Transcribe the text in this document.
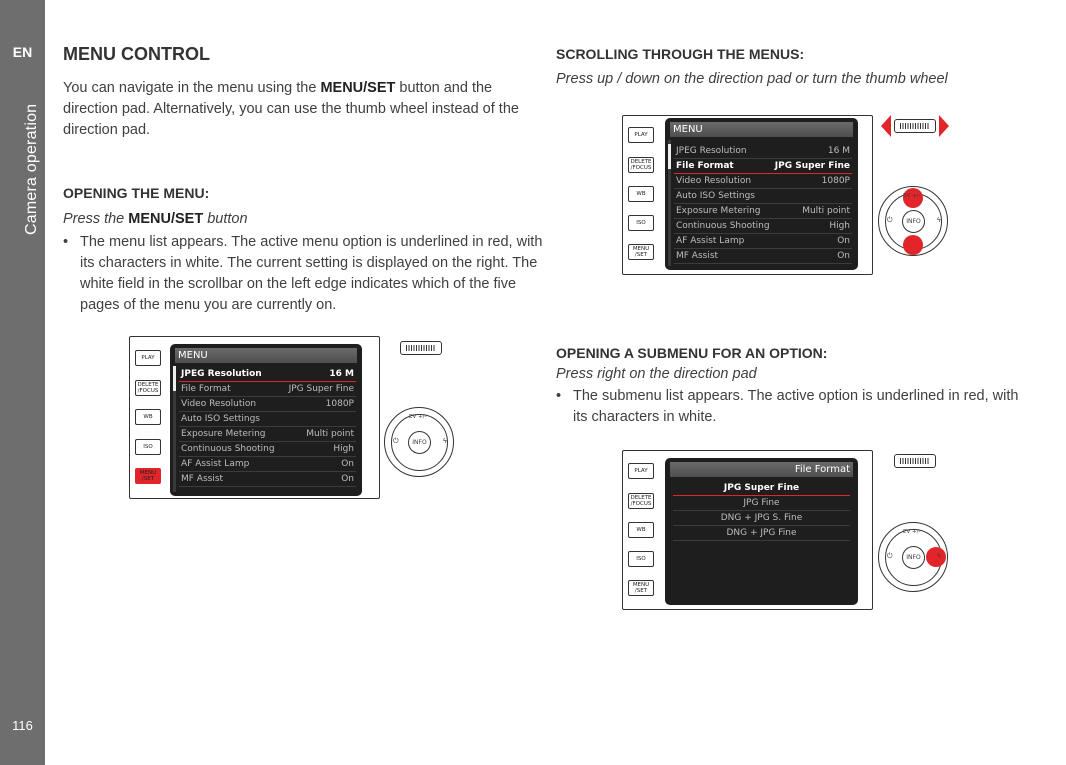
EN
Camera operation
116
MENU CONTROL

You can navigate in the menu using the MENU/SET button and the direction pad. Alternatively, you can use the thumb wheel instead of the direction pad.

OPENING THE MENU:

Press the MENU/SET button

• The menu list appears. The active menu option is underlined in red, with its characters in white. The current setting is displayed on the right. The white field in the scrollbar on the left edge indicates which of the five pages of the menu you are currently on.
PLAY
DELETE /FOCUS
WB
ISO
MENU /SET
MENU
JPEG Resolution	16 M
File Format	JPG Super Fine
Video Resolution	1080P
Auto ISO Settings
Exposure Metering	Multi point
Continuous Shooting	High
AF Assist Lamp	On
MF Assist	On
EV +/-
⏻	ϟ
INFO
SCROLLING THROUGH THE MENUS:

Press up / down on the direction pad or turn the thumb wheel

PLAY
DELETE /FOCUS
WB
ISO
MENU /SET
MENU
JPEG Resolution	16 M
File Format	JPG Super Fine
Video Resolution	1080P
Auto ISO Settings
Exposure Metering	Multi point
Continuous Shooting	High
AF Assist Lamp	On
MF Assist	On
EV +/-
⏻	ϟ
INFO
OPENING A SUBMENU FOR AN OPTION:

Press right on the direction pad

• The submenu list appears. The active option is underlined in red, with its characters in white.
PLAY
DELETE /FOCUS
WB
ISO
MENU /SET
File Format
JPG Super Fine
JPG Fine
DNG + JPG S. Fine
DNG + JPG Fine	EV +/-
⏻	ϟ
INFO
